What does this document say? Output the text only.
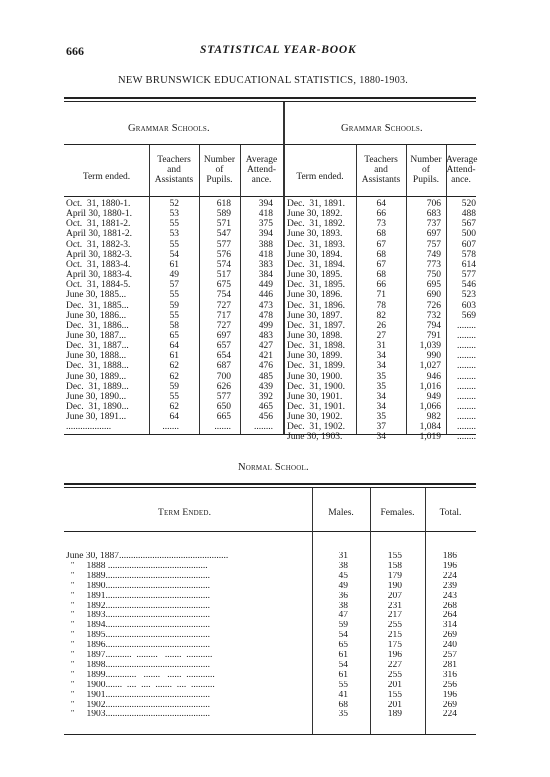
666	STATISTICAL YEAR-BOOK
NEW BRUNSWICK EDUCATIONAL STATISTICS, 1880-1903.
Grammar Schools.	Grammar Schools.
Term ended.
Teachers
and
Assistants
Number
of
Pupils.
Average
Attend-
ance.	Term ended.
Teachers
and
Assistants
Number
of
Pupils.
Average
Attend-
ance.
Oct.  31, 1880-1.	52	618	394
April 30, 1880-1.	53	589	418
Oct.  31, 1881-2.	55	571	375
April 30, 1881-2.	53	547	394
Oct.  31, 1882-3.	55	577	388
April 30, 1882-3.	54	576	418
Oct.  31, 1883-4.	61	574	383
April 30, 1883-4.	49	517	384
Oct.  31, 1884-5.	57	675	449
June 30, 1885...	55	754	446
Dec.  31, 1885...	59	727	473
June 30, 1886...	55	717	478
Dec.  31, 1886...	58	727	499
June 30, 1887...	65	697	483
Dec.  31, 1887...	64	657	427
June 30, 1888...	61	654	421
Dec.  31, 1888...	62	687	476
June 30, 1889...	62	700	485
Dec.  31, 1889...	59	626	439
June 30, 1890...	55	577	392
Dec.  31, 1890...	62	650	465
June 30, 1891...	64	665	456
...................	.......	.......	........
Dec.  31, 1891.	64	706	520
June 30, 1892.	66	683	488
Dec.  31, 1892.	73	737	567
June 30, 1893.	68	697	500
Dec.  31, 1893.	67	757	607
June 30, 1894.	68	749	578
Dec.  31, 1894.	67	773	614
June 30, 1895.	68	750	577
Dec.  31, 1895.	66	695	546
June 30, 1896.	71	690	523
Dec.  31, 1896.	78	726	603
June 30, 1897.	82	732	569
Dec.  31, 1897.	26	794	........
June 30, 1898.	27	791	........
Dec.  31, 1898.	31	1,039	........
June 30, 1899.	34	990	........
Dec.  31, 1899.	34	1,027	........
June 30, 1900.	35	946	........
Dec.  31, 1900.	35	1,016	........
June 30, 1901.	34	949	........
Dec.  31, 1901.	34	1,066	........
June 30, 1902.	35	982	........
Dec.  31, 1902.	37	1,084	........
June 30, 1903.	34	1,019	........
Normal School.
Term Ended.	Males.	Females.	Total.
June 30, 1887..............................................	31	155	186
"     1888 ..........................................	38	158	196
"     1889............................................	45	179	224
"     1890............................................	49	190	239
"     1891............................................	36	207	243
"     1892............................................	38	231	268
"     1893............................................	47	217	264
"     1894............................................	59	255	314
"     1895............................................	54	215	269
"     1896............................................	65	175	240
"     1897...........  .........   .......  ...........	61	196	257
"     1898............................................	54	227	281
"     1899.............   .......   ......  ............	61	255	316
"     1900.......  ....  ....  .......  ....  ..........	55	201	256
"     1901............................................	41	155	196
"     1902............................................	68	201	269
"     1903............................................	35	189	224
